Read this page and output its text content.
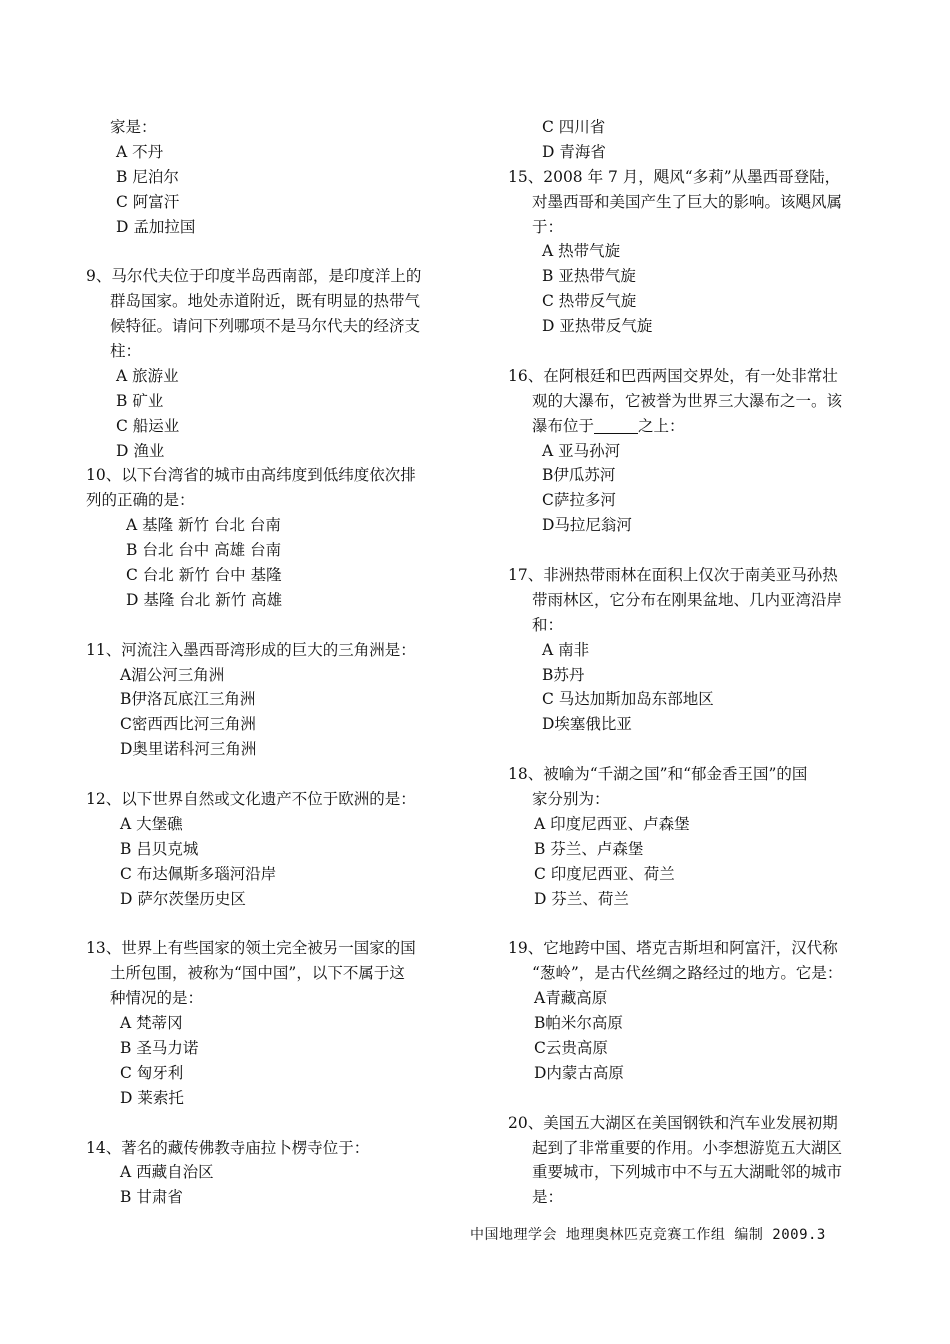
家是：
A 不丹
B 尼泊尔
C 阿富汗
D 孟加拉国
9、马尔代夫位于印度半岛西南部，是印度洋上的
群岛国家。地处赤道附近，既有明显的热带气
候特征。请问下列哪项不是马尔代夫的经济支
柱：
A 旅游业
B 矿业
C 船运业
D 渔业
10、以下台湾省的城市由高纬度到低纬度依次排
列的正确的是：
A 基隆 新竹 台北 台南
B 台北 台中 高雄 台南
C 台北 新竹 台中 基隆
D 基隆 台北 新竹 高雄
11、河流注入墨西哥湾形成的巨大的三角洲是：
A湄公河三角洲
B伊洛瓦底江三角洲
C密西西比河三角洲
D奥里诺科河三角洲
12、以下世界自然或文化遗产不位于欧洲的是：
A 大堡礁
B 吕贝克城
C 布达佩斯多瑙河沿岸
D 萨尔茨堡历史区
13、世界上有些国家的领土完全被另一国家的国
土所包围，被称为“国中国”，以下不属于这
种情况的是：
A 梵蒂冈
B 圣马力诺
C 匈牙利
D 莱索托
14、著名的藏传佛教寺庙拉卜楞寺位于：
A 西藏自治区
B 甘肃省
C 四川省
D 青海省
15、2008 年 7 月，飓风“多莉”从墨西哥登陆，
对墨西哥和美国产生了巨大的影响。该飓风属
于：
A 热带气旋
B 亚热带气旋
C 热带反气旋
D 亚热带反气旋
16、在阿根廷和巴西两国交界处，有一处非常壮
观的大瀑布，它被誉为世界三大瀑布之一。该
瀑布位于	之上：
A 亚马孙河
B伊瓜苏河
C萨拉多河
D马拉尼翁河
17、非洲热带雨林在面积上仅次于南美亚马孙热
带雨林区，它分布在刚果盆地、几内亚湾沿岸
和：
A 南非
B苏丹
C 马达加斯加岛东部地区
D埃塞俄比亚
18、被喻为“千湖之国”和“郁金香王国”的国
家分别为：
A 印度尼西亚、卢森堡
B 芬兰、卢森堡
C 印度尼西亚、荷兰
D 芬兰、荷兰
19、它地跨中国、塔克吉斯坦和阿富汗，汉代称
“葱岭”，是古代丝绸之路经过的地方。它是：
A青藏高原
B帕米尔高原
C云贵高原
D内蒙古高原
20、美国五大湖区在美国钢铁和汽车业发展初期
起到了非常重要的作用。小李想游览五大湖区
重要城市，下列城市中不与五大湖毗邻的城市
是：
中国地理学会 地理奥林匹克竞赛工作组 编制 2009.3
